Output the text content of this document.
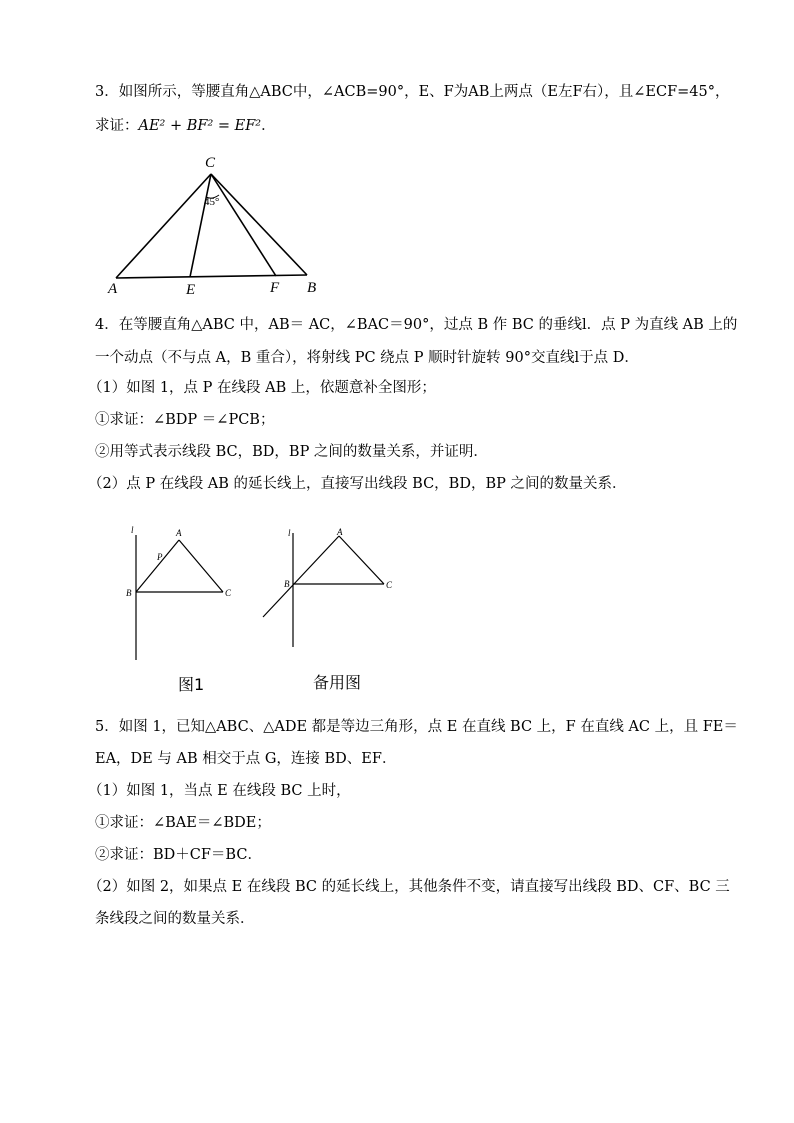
3．如图所示，等腰直角△ABC中，∠ACB=90°，E、F为AB上两点（E左F右），且∠ECF=45°，
求证：AE² + BF² = EF²．
C
45°
A	E	F B
4．在等腰直角△ABC 中，AB＝ AC，∠BAC＝90°，过点 B 作 BC 的垂线l．点 P 为直线 AB 上的
一个动点（不与点 A，B 重合），将射线 PC 绕点 P 顺时针旋转 90°交直线l于点 D．
（1）如图 1，点 P 在线段 AB 上，依题意补全图形；
①求证：∠BDP ＝∠PCB；
②用等式表示线段 BC，BD，BP 之间的数量关系，并证明．
（2）点 P 在线段 AB 的延长线上，直接写出线段 BC，BD，BP 之间的数量关系．
l	A
P
B	C
图1
l	A
B	C
备用图
5．如图 1，已知△ABC、△ADE 都是等边三角形，点 E 在直线 BC 上，F 在直线 AC 上，且 FE＝
EA，DE 与 AB 相交于点 G，连接 BD、EF．
（1）如图 1，当点 E 在线段 BC 上时，
①求证：∠BAE＝∠BDE；
②求证：BD＋CF＝BC．
（2）如图 2，如果点 E 在线段 BC 的延长线上，其他条件不变，请直接写出线段 BD、CF、BC 三
条线段之间的数量关系．
